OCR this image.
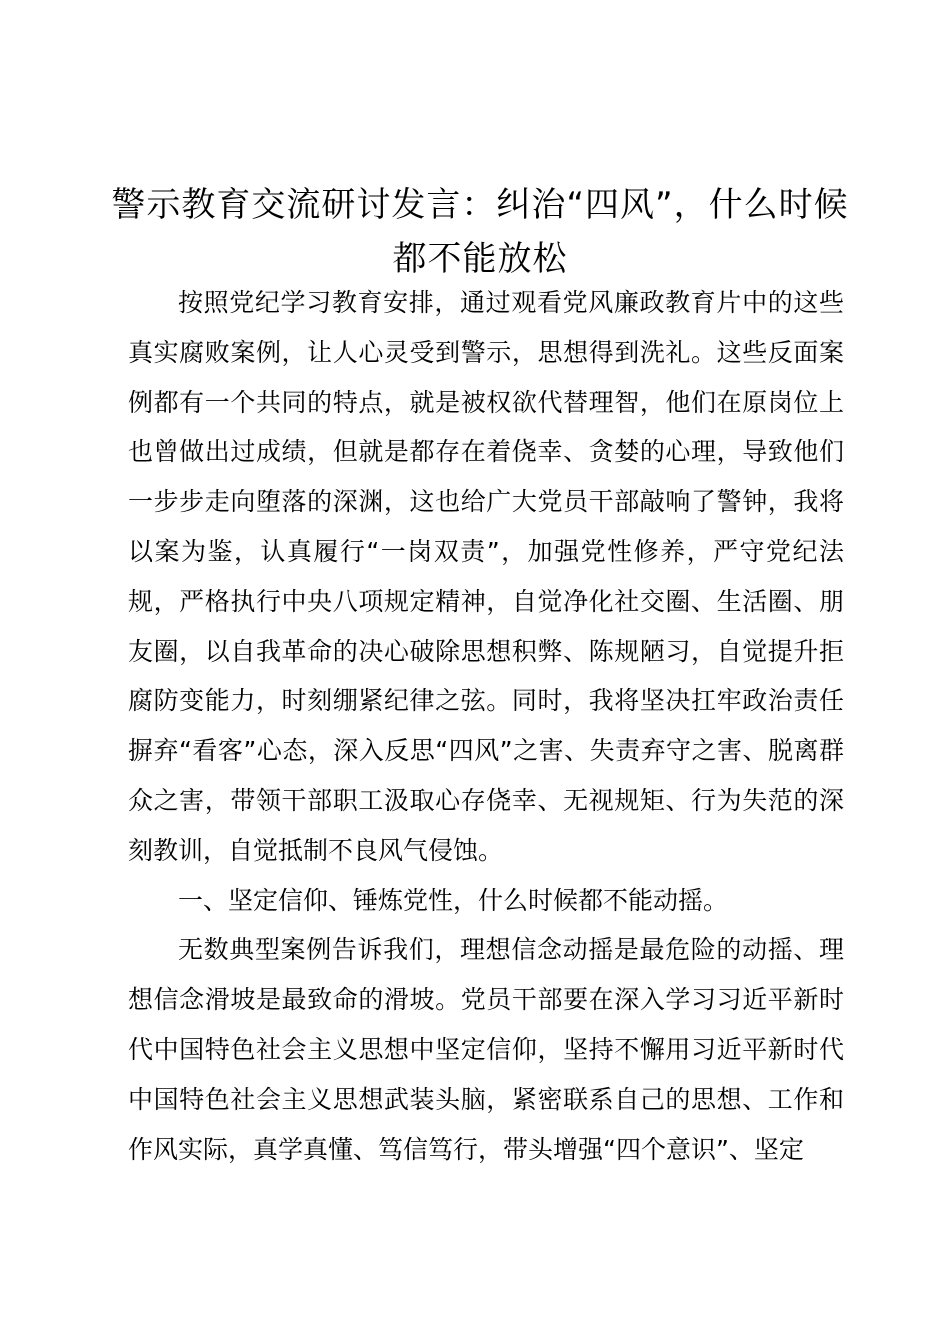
警示教育交流研讨发言：纠治“四风”，什么时候都不能放松

按照党纪学习教育安排，通过观看党风廉政教育片中的这些真实腐败案例，让人心灵受到警示，思想得到洗礼。这些反面案例都有一个共同的特点，就是被权欲代替理智，他们在原岗位上也曾做出过成绩，但就是都存在着侥幸、贪婪的心理，导致他们一步步走向堕落的深渊，这也给广大党员干部敲响了警钟，我将以案为鉴，认真履行“一岗双责”，加强党性修养，严守党纪法规，严格执行中央八项规定精神，自觉净化社交圈、生活圈、朋友圈，以自我革命的决心破除思想积弊、陈规陋习，自觉提升拒腐防变能力，时刻绷紧纪律之弦。同时，我将坚决扛牢政治责任摒弃“看客”心态，深入反思“四风”之害、失责弃守之害、脱离群众之害，带领干部职工汲取心存侥幸、无视规矩、行为失范的深刻教训，自觉抵制不良风气侵蚀。

一、坚定信仰、锤炼党性，什么时候都不能动摇。

无数典型案例告诉我们，理想信念动摇是最危险的动摇、理想信念滑坡是最致命的滑坡。党员干部要在深入学习习近平新时代中国特色社会主义思想中坚定信仰，坚持不懈用习近平新时代中国特色社会主义思想武装头脑，紧密联系自己的思想、工作和作风实际，真学真懂、笃信笃行，带头增强“四个意识”、坚定
